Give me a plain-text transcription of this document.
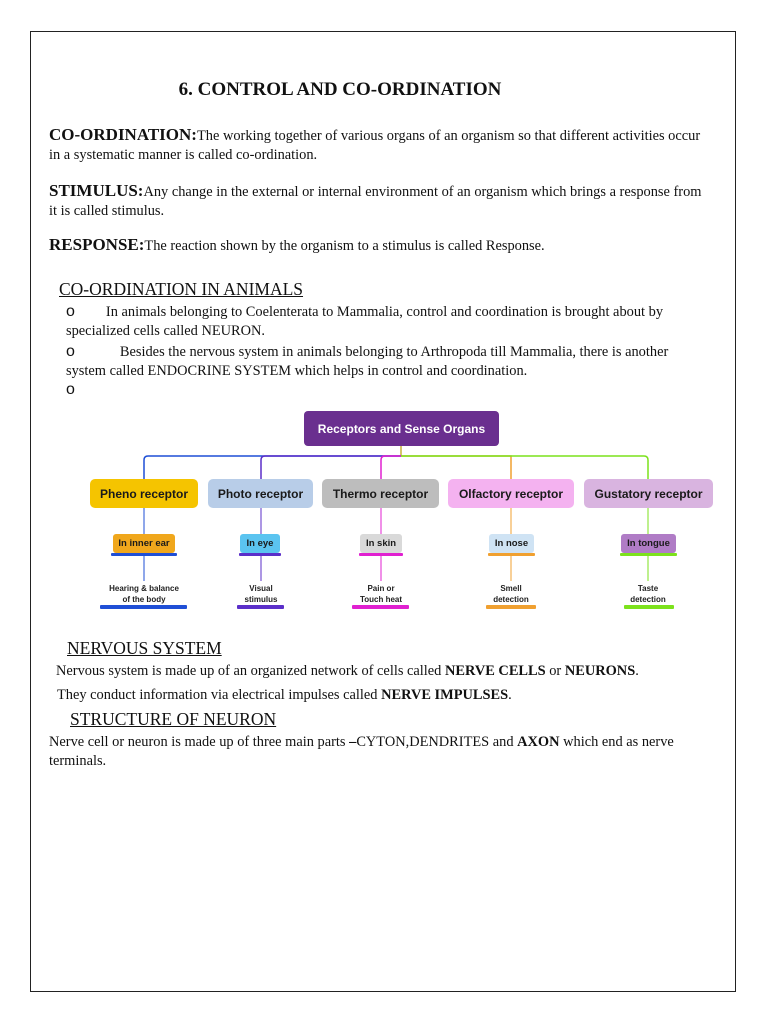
6. CONTROL AND CO-ORDINATION
CO-ORDINATION:The working together of various organs of an organism so that different activities occur in a systematic manner is called co-ordination.
STIMULUS:Any change in the external or internal environment of an organism which brings a response from it is called stimulus.
RESPONSE:The reaction shown by the organism to a stimulus is called Response.
CO-ORDINATION IN ANIMALS
o In animals belonging to Coelenterata to Mammalia, control and coordination is brought about by specialized cells called NEURON.
o	Besides the nervous system in animals belonging to Arthropoda till Mammalia, there is another system called ENDOCRINE SYSTEM which helps in control and coordination.
o
Receptors and Sense Organs
Pheno receptor	Photo receptor	Thermo receptor	Olfactory receptor	Gustatory receptor
In inner ear	In eye	In skin	In nose	In tongue
Hearing & balance
of the body
Visual
stimulus
Pain or
Touch heat
Smell
detection
Taste
detection
NERVOUS SYSTEM
Nervous system is made up of an organized network of cells called NERVE CELLS or NEURONS.
They conduct information via electrical impulses called NERVE IMPULSES.
STRUCTURE OF NEURON
Nerve cell or neuron is made up of three main parts –CYTON,DENDRITES and AXON which end as nerve terminals.
